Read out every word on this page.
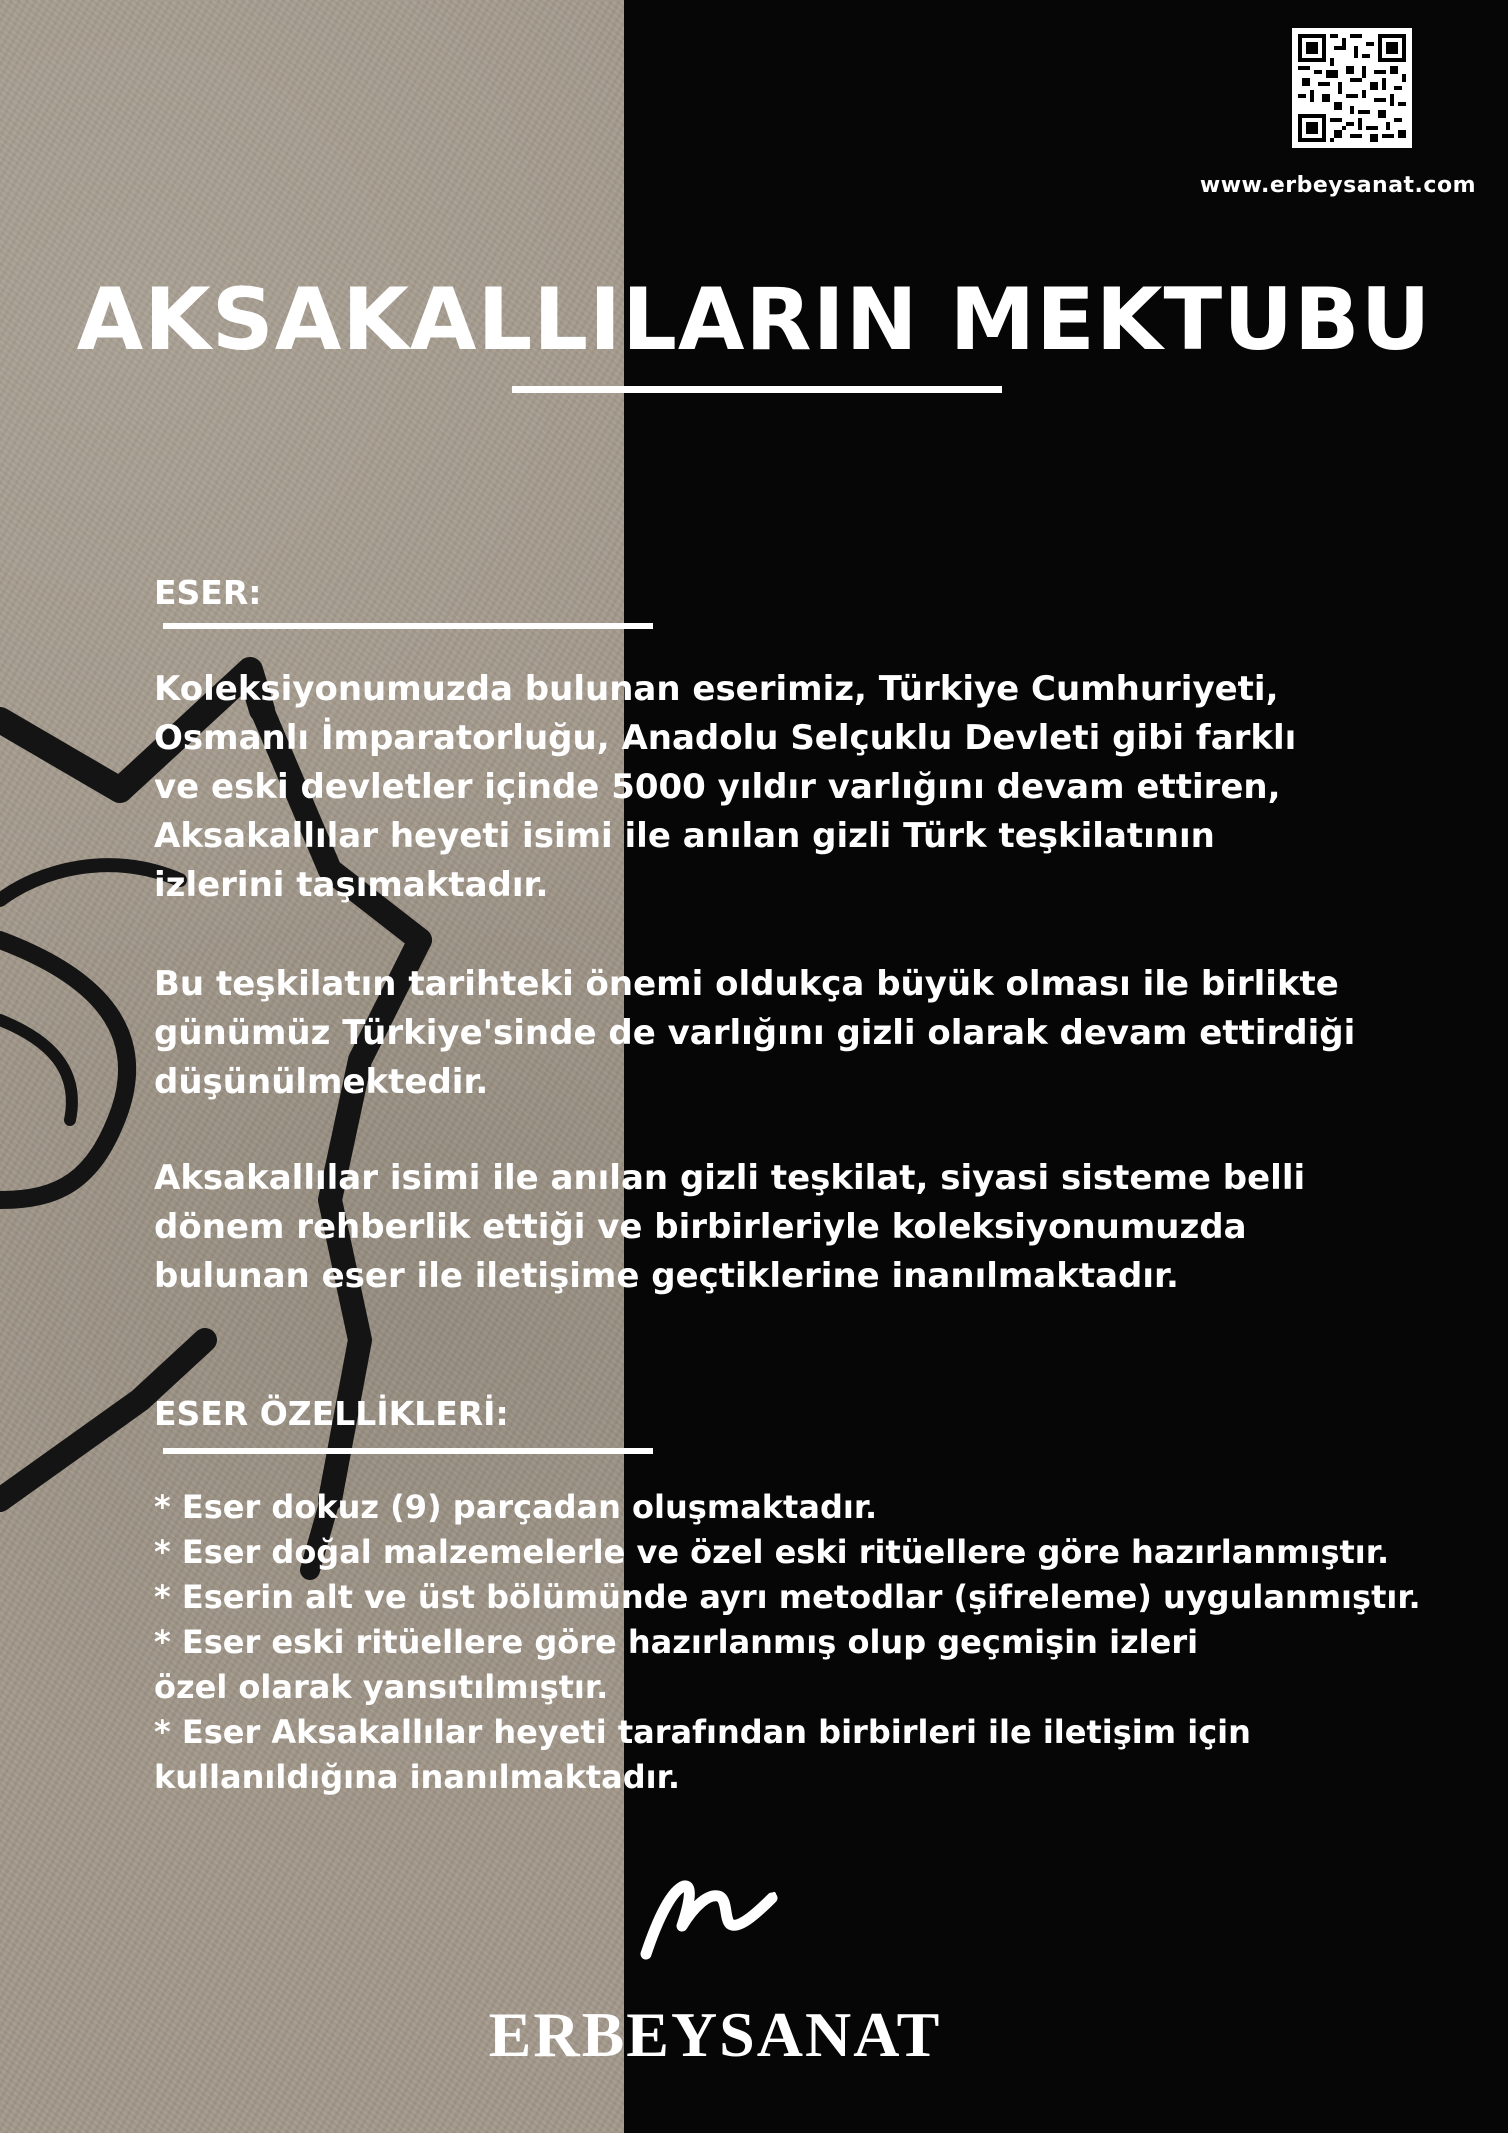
www.erbeysanat.com
AKSAKALLILARIN MEKTUBU
ESER:

Koleksiyonumuzda bulunan eserimiz, Türkiye Cumhuriyeti,
Osmanlı İmparatorluğu, Anadolu Selçuklu Devleti gibi farklı
ve eski devletler içinde 5000 yıldır varlığını devam ettiren,
Aksakallılar heyeti isimi ile anılan gizli Türk teşkilatının
izlerini taşımaktadır.

Bu teşkilatın tarihteki önemi oldukça büyük olması ile birlikte
günümüz Türkiye'sinde de varlığını gizli olarak devam ettirdiği
düşünülmektedir.

Aksakallılar isimi ile anılan gizli teşkilat, siyasi sisteme belli
dönem rehberlik ettiği ve birbirleriyle koleksiyonumuzda
bulunan eser ile iletişime geçtiklerine inanılmaktadır.

ESER ÖZELLİKLERİ:
* Eser dokuz (9) parçadan oluşmaktadır.
* Eser doğal malzemelerle ve özel eski ritüellere göre hazırlanmıştır.
* Eserin alt ve üst bölümünde ayrı metodlar (şifreleme) uygulanmıştır.
* Eser eski ritüellere göre hazırlanmış olup geçmişin izleri
özel olarak yansıtılmıştır.
* Eser Aksakallılar heyeti tarafından birbirleri ile iletişim için
kullanıldığına inanılmaktadır.
ERBEYSANAT
